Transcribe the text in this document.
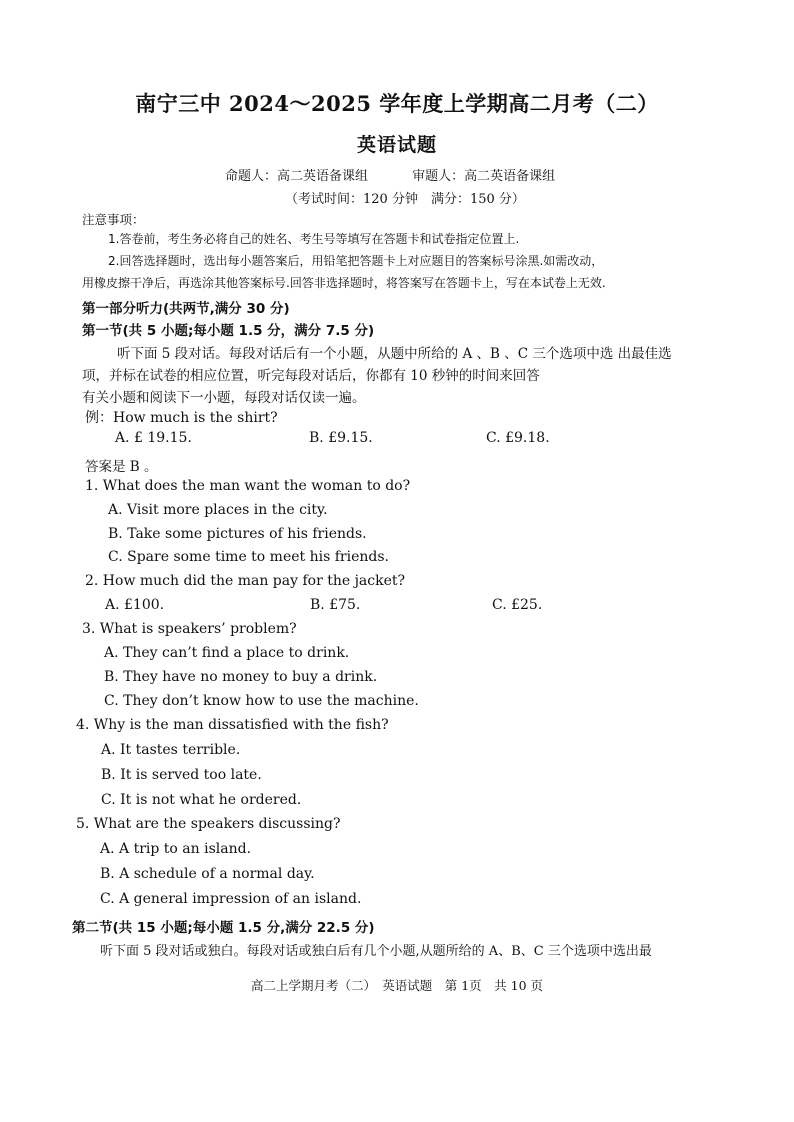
南宁三中 2024～2025 学年度上学期高二月考（二）
英语试题
命题人：高二英语备课组	审题人：高二英语备课组
（考试时间：120 分钟　满分：150 分）
注意事项：
1.答卷前，考生务必将自己的姓名、考生号等填写在答题卡和试卷指定位置上.
2.回答选择题时，选出每小题答案后，用铅笔把答题卡上对应题目的答案标号涂黑.如需改动，
用橡皮擦干净后，再选涂其他答案标号.回答非选择题时，将答案写在答题卡上，写在本试卷上无效.
第一部分听力(共两节,满分 30 分)
第一节(共 5 小题;每小题 1.5 分，满分 7.5 分)
听下面 5 段对话。每段对话后有一个小题，从题中所给的 A 、B 、C 三个选项中选 出最佳选
项，并标在试卷的相应位置，听完每段对话后，你都有 10 秒钟的时间来回答
有关小题和阅读下一小题，每段对话仅读一遍。
例：How much is the shirt?
A. £ 19.15.	B. £9.15.	C. £9.18.
答案是 B 。
1. What does the man want the woman to do?
A. Visit more places in the city.
B. Take some pictures of his friends.
C. Spare some time to meet his friends.
2. How much did the man pay for the jacket?
A. £100.	B. £75.	C. £25.
3. What is speakers’ problem?
A. They can’t find a place to drink.
B. They have no money to buy a drink.
C. They don’t know how to use the machine.
4. Why is the man dissatisfied with the fish?
A. It tastes terrible.
B. It is served too late.
C. It is not what he ordered.
5. What are the speakers discussing?
A. A trip to an island.
B. A schedule of a normal day.
C. A general impression of an island.
第二节(共 15 小题;每小题 1.5 分,满分 22.5 分)
听下面 5 段对话或独白。每段对话或独白后有几个小题,从题所给的 A、B、C 三个选项中选出最
高二上学期月考（二）　英语试题　第 1页　共 10 页
